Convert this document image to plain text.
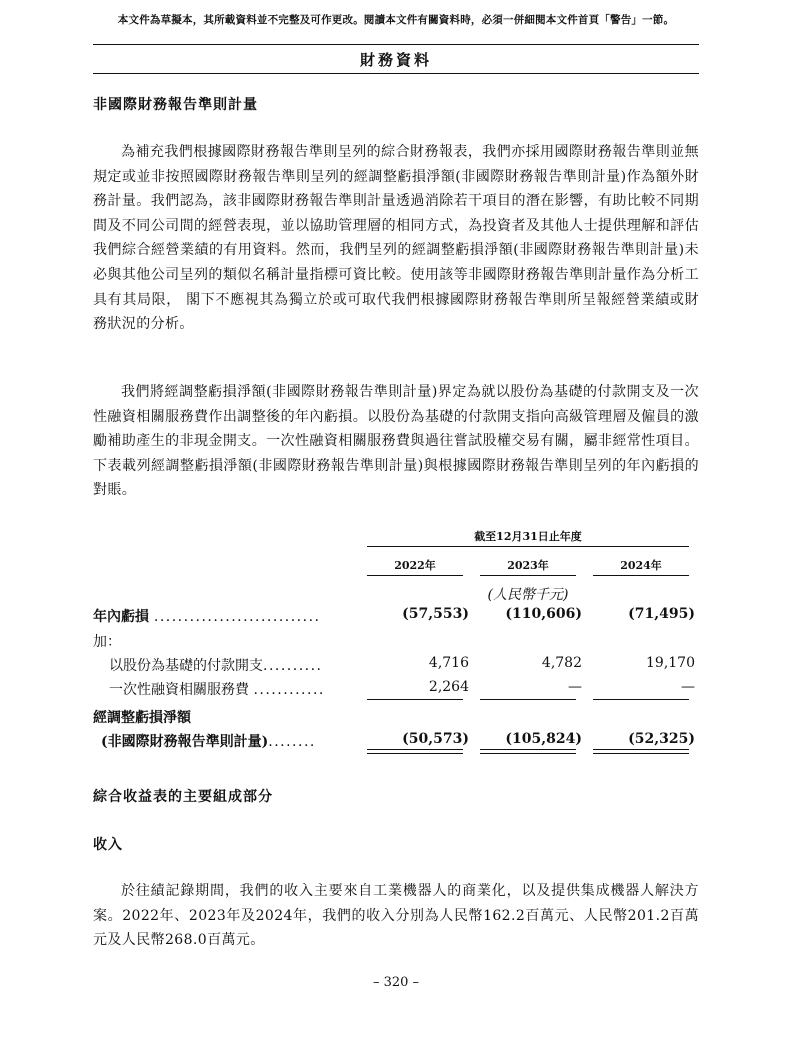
本文件為草擬本，其所載資料並不完整及可作更改。閱讀本文件有關資料時，必須一併細閱本文件首頁「警告」一節。
財務資料
非國際財務報告準則計量
為補充我們根據國際財務報告準則呈列的綜合財務報表，我們亦採用國際財務報告準則並無規定或並非按照國際財務報告準則呈列的經調整虧損淨額(非國際財務報告準則計量)作為額外財務計量。我們認為，該非國際財務報告準則計量透過消除若干項目的潛在影響，有助比較不同期間及不同公司間的經營表現，並以協助管理層的相同方式，為投資者及其他人士提供理解和評估我們綜合經營業績的有用資料。然而，我們呈列的經調整虧損淨額(非國際財務報告準則計量)未必與其他公司呈列的類似名稱計量指標可資比較。使用該等非國際財務報告準則計量作為分析工具有其局限， 閣下不應視其為獨立於或可取代我們根據國際財務報告準則所呈報經營業績或財務狀況的分析。
我們將經調整虧損淨額(非國際財務報告準則計量)界定為就以股份為基礎的付款開支及一次性融資相關服務費作出調整後的年內虧損。以股份為基礎的付款開支指向高級管理層及僱員的激勵補助產生的非現金開支。一次性融資相關服務費與過往嘗試股權交易有關，屬非經常性項目。下表載列經調整虧損淨額(非國際財務報告準則計量)與根據國際財務報告準則呈列的年內虧損的對賬。
截至12月31日止年度
2022年	2023年	2024年
(人民幣千元)
年內虧損 ............................	(57,553)	(110,606)	(71,495)
加：
以股份為基礎的付款開支..........	4,716	4,782	19,170
一次性融資相關服務費 ............	2,264	—	—
經調整虧損淨額
(非國際財務報告準則計量)........	(50,573)	(105,824)	(52,325)
綜合收益表的主要組成部分
收入
於往績記錄期間，我們的收入主要來自工業機器人的商業化，以及提供集成機器人解決方案。2022年、2023年及2024年，我們的收入分別為人民幣162.2百萬元、人民幣201.2百萬元及人民幣268.0百萬元。
– 320 –
